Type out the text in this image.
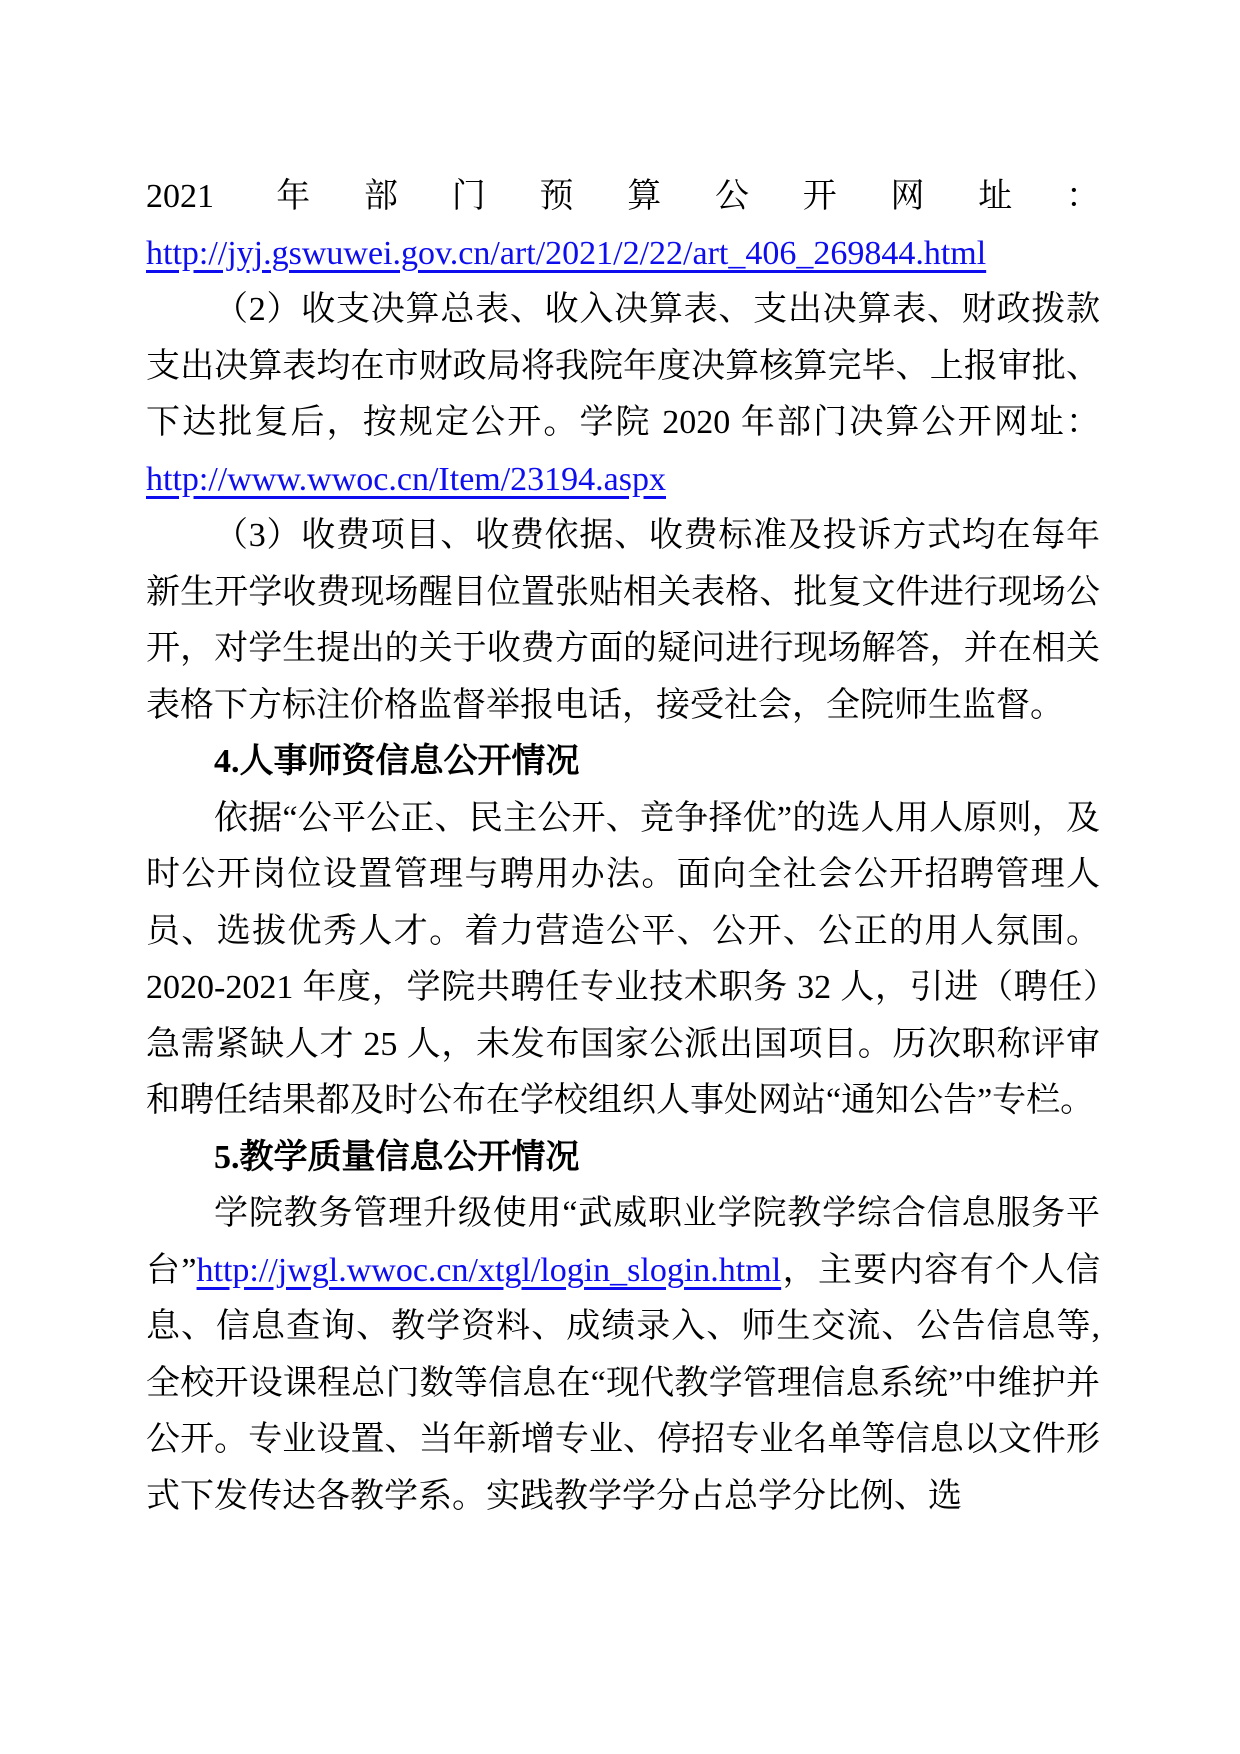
2021 年部门预算公开网址：http://jyj.gswuwei.gov.cn/art/2021/2/22/art_406_269844.html

（2）收支决算总表、收入决算表、支出决算表、财政拨款支出决算表均在市财政局将我院年度决算核算完毕、上报审批、下达批复后，按规定公开。学院 2020 年部门决算公开网址：http://www.wwoc.cn/Item/23194.aspx

（3）收费项目、收费依据、收费标准及投诉方式均在每年新生开学收费现场醒目位置张贴相关表格、批复文件进行现场公开，对学生提出的关于收费方面的疑问进行现场解答，并在相关表格下方标注价格监督举报电话，接受社会，全院师生监督。

4.人事师资信息公开情况

依据“公平公正、民主公开、竞争择优”的选人用人原则，及时公开岗位设置管理与聘用办法。面向全社会公开招聘管理人员、选拔优秀人才。着力营造公平、公开、公正的用人氛围。2020-2021 年度，学院共聘任专业技术职务 32 人，引进（聘任）急需紧缺人才 25 人，未发布国家公派出国项目。历次职称评审和聘任结果都及时公布在学校组织人事处网站“通知公告”专栏。

5.教学质量信息公开情况

学院教务管理升级使用“武威职业学院教学综合信息服务平台”http://jwgl.wwoc.cn/xtgl/login_slogin.html，主要内容有个人信息、信息查询、教学资料、成绩录入、师生交流、公告信息等,全校开设课程总门数等信息在“现代教学管理信息系统”中维护并公开。专业设置、当年新增专业、停招专业名单等信息以文件形式下发传达各教学系。实践教学学分占总学分比例、选
